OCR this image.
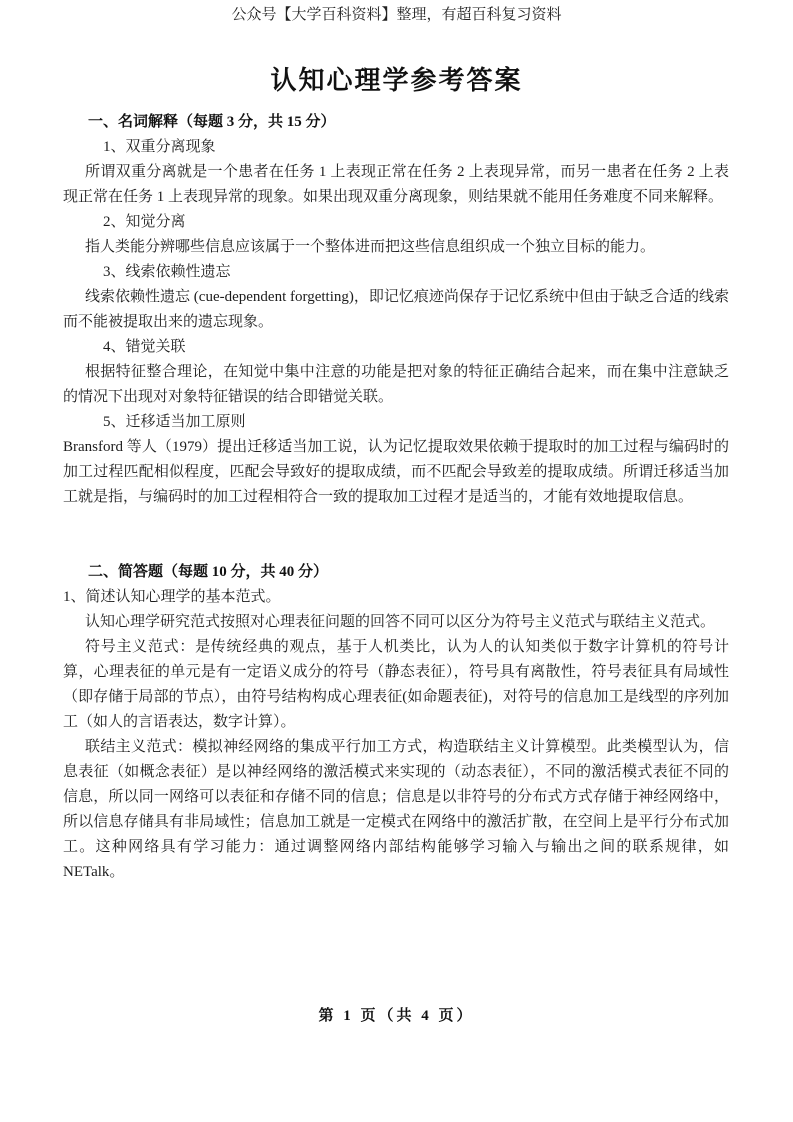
公众号【大学百科资料】整理，有超百科复习资料
认知心理学参考答案
一、名词解释（每题 3 分，共 15 分）
1、双重分离现象

所谓双重分离就是一个患者在任务 1 上表现正常在任务 2 上表现异常，而另一患者在任务 2 上表现正常在任务 1 上表现异常的现象。如果出现双重分离现象，则结果就不能用任务难度不同来解释。

2、知觉分离

指人类能分辨哪些信息应该属于一个整体进而把这些信息组织成一个独立目标的能力。

3、线索依赖性遗忘

线索依赖性遗忘 (cue-dependent forgetting)，即记忆痕迹尚保存于记忆系统中但由于缺乏合适的线索而不能被提取出来的遗忘现象。

4、错觉关联

根据特征整合理论，在知觉中集中注意的功能是把对象的特征正确结合起来，而在集中注意缺乏的情况下出现对对象特征错误的结合即错觉关联。

5、迁移适当加工原则

Bransford 等人（1979）提出迁移适当加工说，认为记忆提取效果依赖于提取时的加工过程与编码时的加工过程匹配相似程度，匹配会导致好的提取成绩，而不匹配会导致差的提取成绩。所谓迁移适当加工就是指，与编码时的加工过程相符合一致的提取加工过程才是适当的，才能有效地提取信息。

二、简答题（每题 10 分，共 40 分）

1、简述认知心理学的基本范式。

认知心理学研究范式按照对心理表征问题的回答不同可以区分为符号主义范式与联结主义范式。

符号主义范式：是传统经典的观点，基于人机类比，认为人的认知类似于数字计算机的符号计算，心理表征的单元是有一定语义成分的符号（静态表征），符号具有离散性，符号表征具有局域性（即存储于局部的节点），由符号结构构成心理表征(如命题表征)，对符号的信息加工是线型的序列加工（如人的言语表达，数字计算）。

联结主义范式：模拟神经网络的集成平行加工方式，构造联结主义计算模型。此类模型认为，信息表征（如概念表征）是以神经网络的激活模式来实现的（动态表征），不同的激活模式表征不同的信息，所以同一网络可以表征和存储不同的信息；信息是以非符号的分布式方式存储于神经网络中，所以信息存储具有非局域性；信息加工就是一定模式在网络中的激活扩散，在空间上是平行分布式加工。这种网络具有学习能力：通过调整网络内部结构能够学习输入与输出之间的联系规律，如 NETalk。

第 1 页（共 4 页）
